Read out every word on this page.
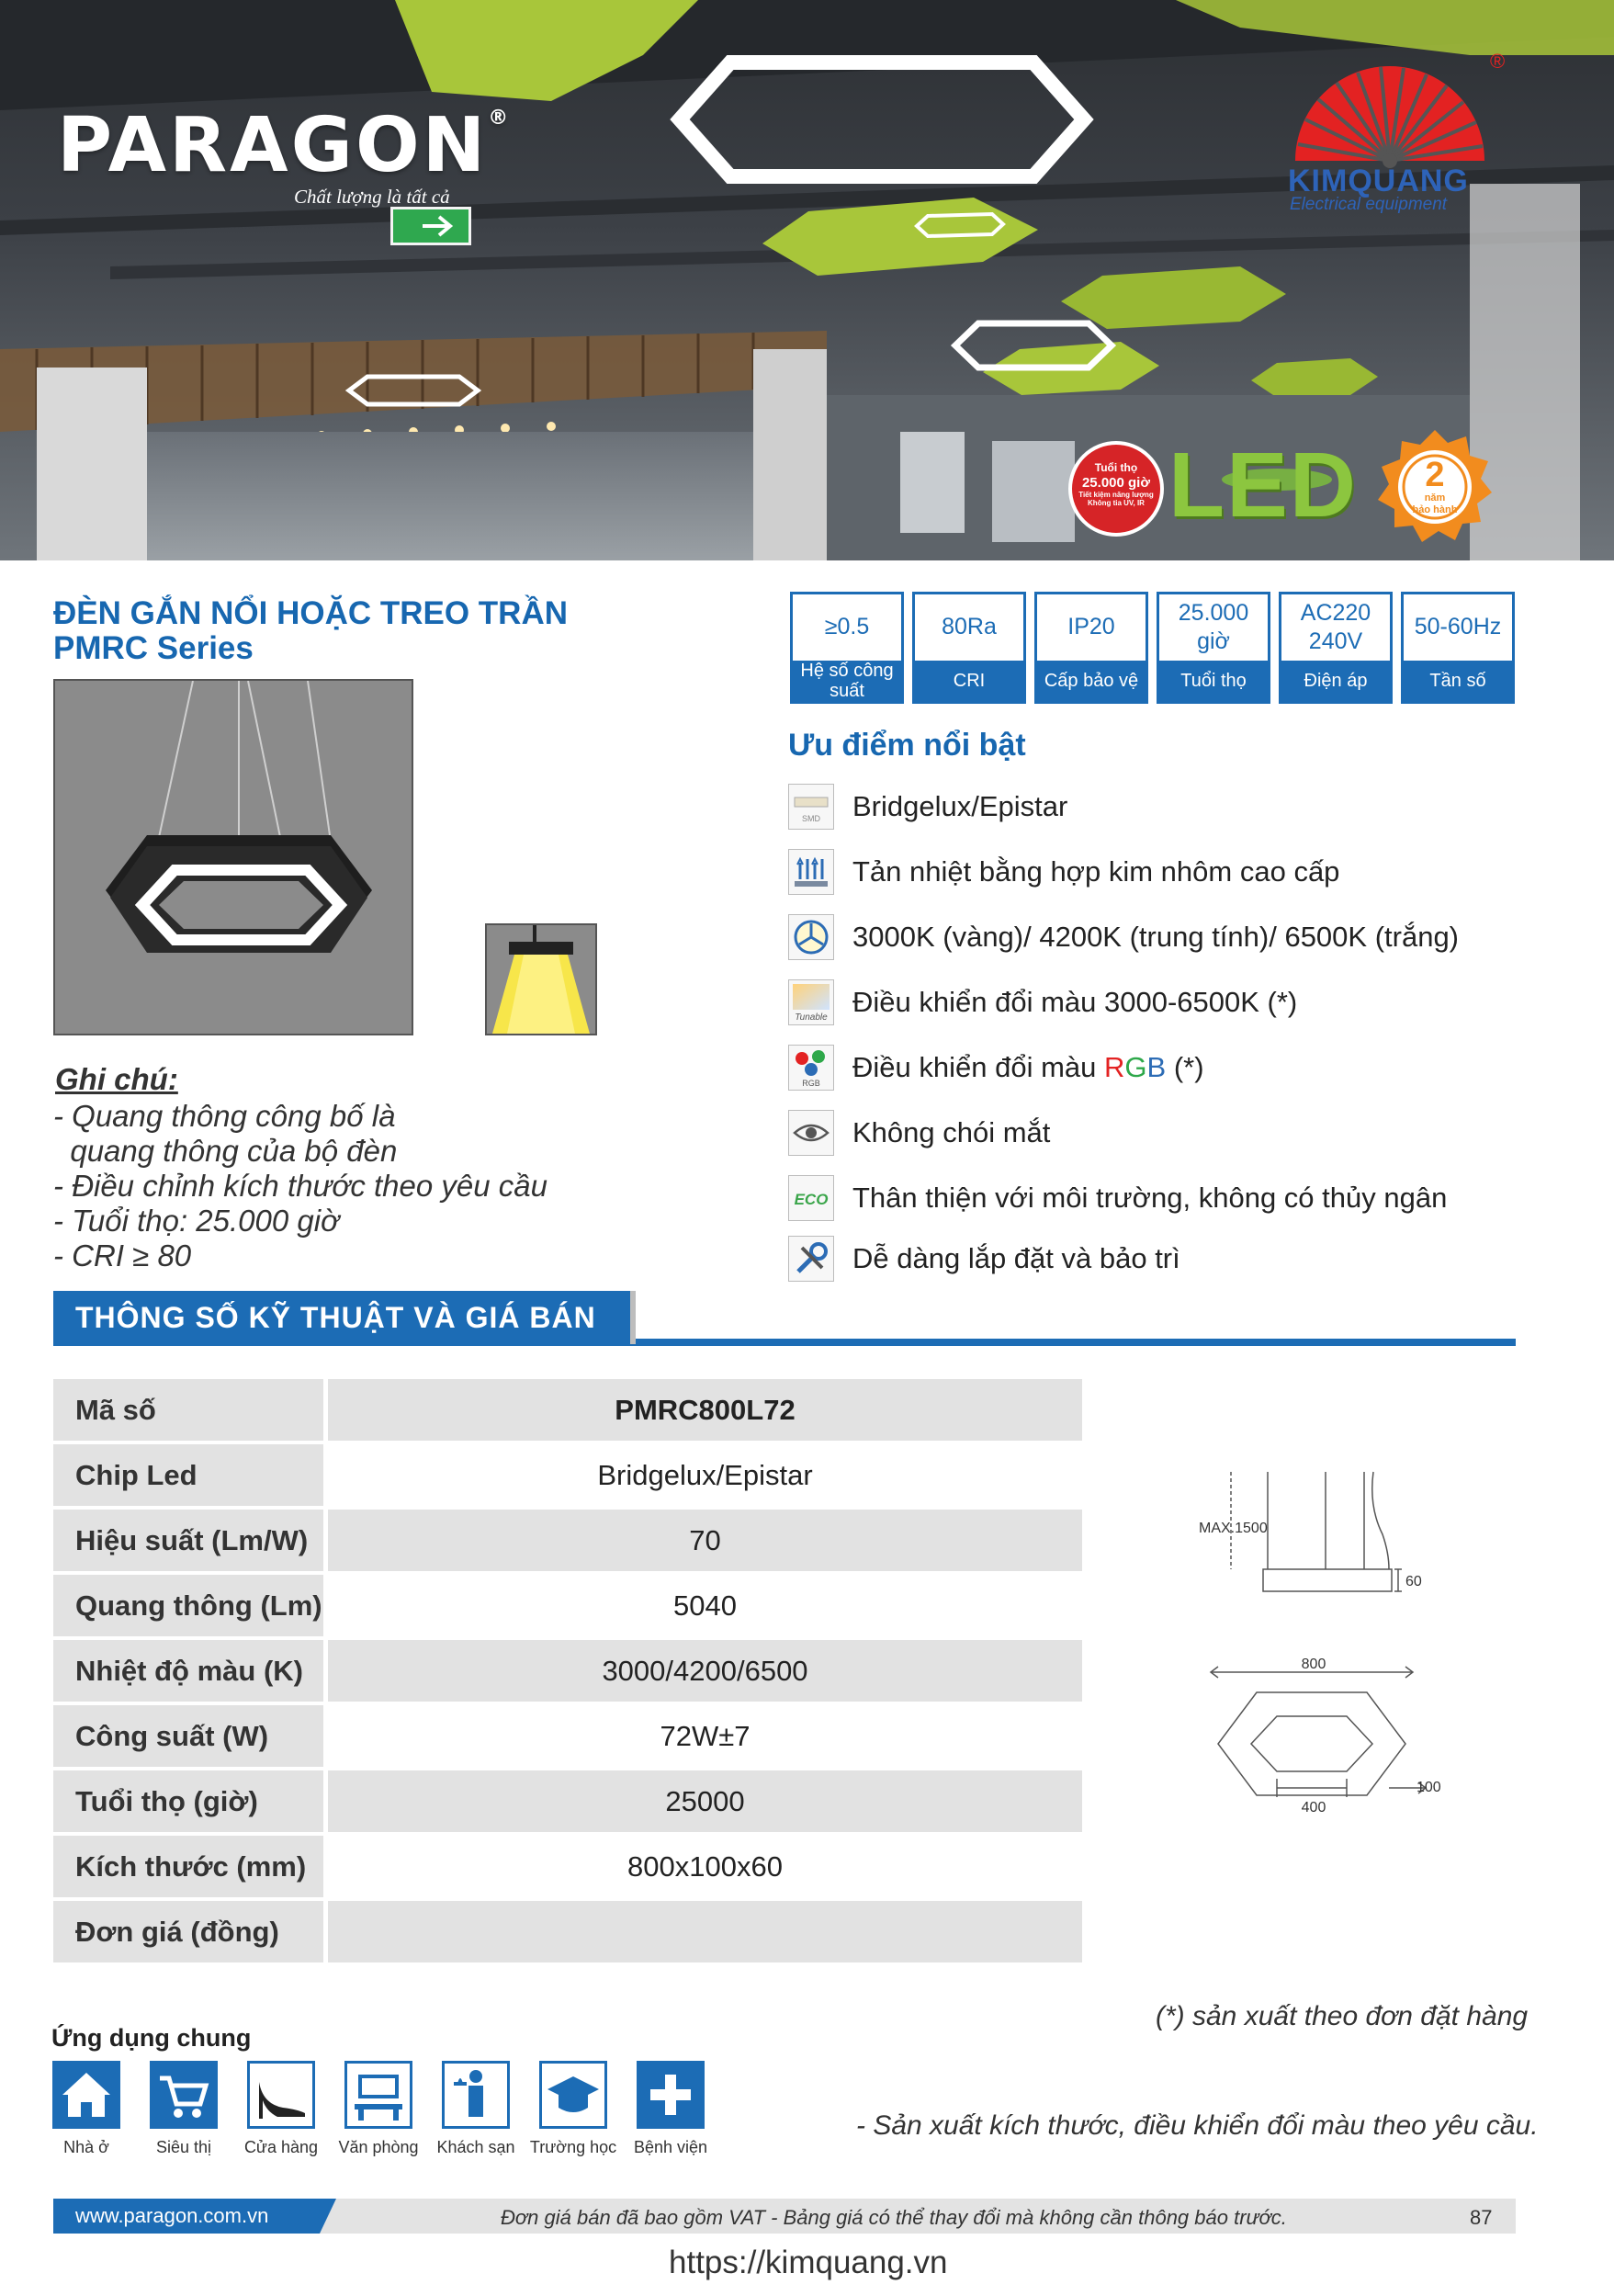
PARAGON®
Chất lượng là tất cả
®
KIMQUANG
Electrical equipment
Tuổi thọ
25.000 giờ
Tiết kiệm năng lượng
Không tia UV, IR LED	2
năm
bảo hành
ĐÈN GẮN NỔI HOẶC TREO TRẦN
PMRC Series
≥0.5
Hệ số công suất
80Ra
CRI
IP20
Cấp bảo vệ
25.000 giờ
Tuổi thọ
AC220 240V
Điện áp
50-60Hz
Tần số
Ghi chú:
- Quang thông công bố là
quang thông của bộ đèn
- Điều chỉnh kích thước theo yêu cầu
- Tuổi thọ: 25.000 giờ
- CRI ≥ 80
Ưu điểm nổi bật
SMD Bridgelux/Epistar
Tản nhiệt bằng hợp kim nhôm cao cấp
3000K (vàng)/ 4200K (trung tính)/ 6500K (trắng)
Tunable Điều khiển đổi màu 3000-6500K (*)
RGB Điều khiển đổi màu RGB (*)
Không chói mắt
ECO Thân thiện với môi trường, không có thủy ngân
Dễ dàng lắp đặt và bảo trì
THÔNG SỐ KỸ THUẬT VÀ GIÁ BÁN
Mã số		PMRC800L72
Chip Led		Bridgelux/Epistar
Hiệu suất (Lm/W)		70
Quang thông (Lm)		5040
Nhiệt độ màu (K)		3000/4200/6500
Công suất (W)		72W±7
Tuổi thọ (giờ)		25000
Kích thước (mm)		800x100x60
Đơn giá (đồng)		
MAX.1500
60
800
400
100
(*) sản xuất theo đơn đặt hàng
Ứng dụng chung
Nhà ở	Siêu thị	Cửa hàng	Văn phòng	Khách sạn Trường học	Bệnh viện
- Sản xuất kích thước, điều khiển đổi màu theo yêu cầu.
www.paragon.com.vn	Đơn giá bán đã bao gồm VAT - Bảng giá có thể thay đổi mà không cần thông báo trước.	87
https://kimquang.vn
